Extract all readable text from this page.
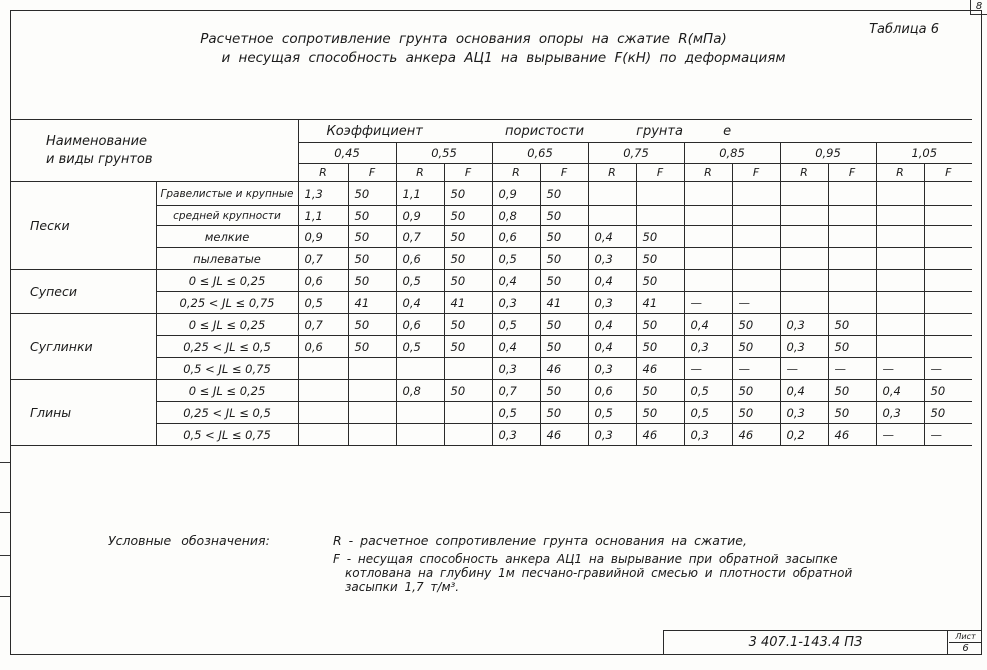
8
Таблица 6
Расчетное сопротивление грунта основания опоры на сжатие R(мПа)
и несущая способность анкера АЦ1 на вырывание F(кН) по деформациям
Наименование
и виды грунтов		Коэффициент пористости грунта е													
		0,45		0,55		0,65		0,75		0,85		0,95		1,05	
		R	F	R	F	R	F	R	F	R	F	R	F	R	F
Пески	Гравелистые и крупные	1,3	50	1,1	50	0,9	50								
	средней крупности	1,1	50	0,9	50	0,8	50								
	мелкие	0,9	50	0,7	50	0,6	50	0,4	50						
	пылеватые	0,7	50	0,6	50	0,5	50	0,3	50						
Супеси	0 ≤ JL ≤ 0,25	0,6	50	0,5	50	0,4	50	0,4	50						
	0,25 < JL ≤ 0,75	0,5	41	0,4	41	0,3	41	0,3	41	—	—				
Суглинки	0 ≤ JL ≤ 0,25	0,7	50	0,6	50	0,5	50	0,4	50	0,4	50	0,3	50		
	0,25 < JL ≤ 0,5	0,6	50	0,5	50	0,4	50	0,4	50	0,3	50	0,3	50		
	0,5 < JL ≤ 0,75					0,3	46	0,3	46	—	—	—	—	—	—
Глины	0 ≤ JL ≤ 0,25			0,8	50	0,7	50	0,6	50	0,5	50	0,4	50	0,4	50
	0,25 < JL ≤ 0,5					0,5	50	0,5	50	0,5	50	0,3	50	0,3	50
	0,5 < JL ≤ 0,75					0,3	46	0,3	46	0,3	46	0,2	46	—	—
Условные обозначения:	R - расчетное сопротивление грунта основания на сжатие,
F - несущая способность анкера АЦ1 на вырывание при обратной засыпке
котлована на глубину 1м песчано-гравийной смесью и плотности обратной
засыпки 1,7 т/м³.
3 407.1-143.4 ПЗ	Лист
6
